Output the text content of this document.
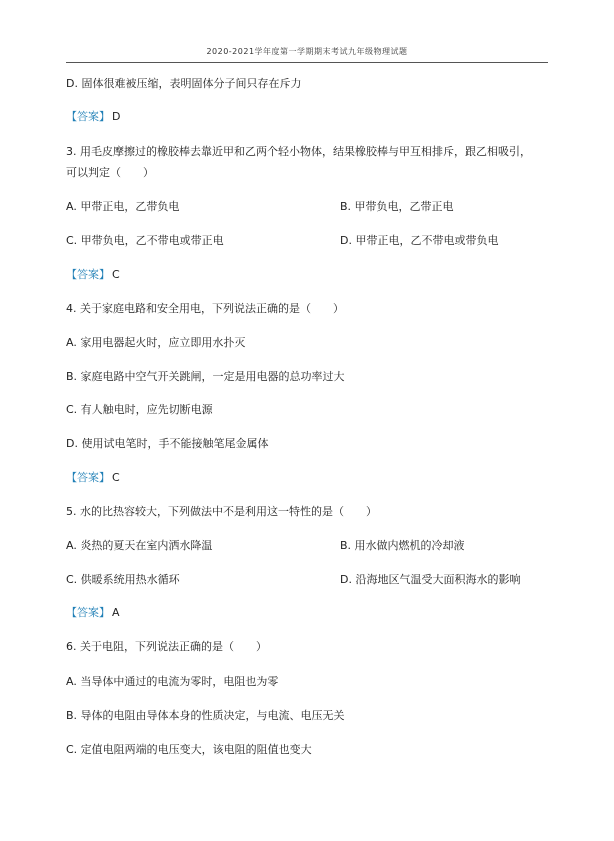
2020-2021学年度第一学期期末考试九年级物理试题
D. 固体很难被压缩，表明固体分子间只存在斥力
【答案】 D
3. 用毛皮摩擦过的橡胶棒去靠近甲和乙两个轻小物体，结果橡胶棒与甲互相排斥，跟乙相吸引，
可以判定（　　）
A. 甲带正电，乙带负电	B. 甲带负电，乙带正电
C. 甲带负电，乙不带电或带正电	D. 甲带正电，乙不带电或带负电
【答案】 C
4. 关于家庭电路和安全用电，下列说法正确的是（　　）
A. 家用电器起火时，应立即用水扑灭
B. 家庭电路中空气开关跳闸，一定是用电器的总功率过大
C. 有人触电时，应先切断电源
D. 使用试电笔时，手不能接触笔尾金属体
【答案】 C
5. 水的比热容较大，下列做法中不是利用这一特性的是（　　）
A. 炎热的夏天在室内洒水降温	B. 用水做内燃机的冷却液
C. 供暖系统用热水循环	D. 沿海地区气温受大面积海水的影响
【答案】 A
6. 关于电阻，下列说法正确的是（　　）
A. 当导体中通过的电流为零时，电阻也为零
B. 导体的电阻由导体本身的性质决定，与电流、电压无关
C. 定值电阻两端的电压变大，该电阻的阻值也变大
